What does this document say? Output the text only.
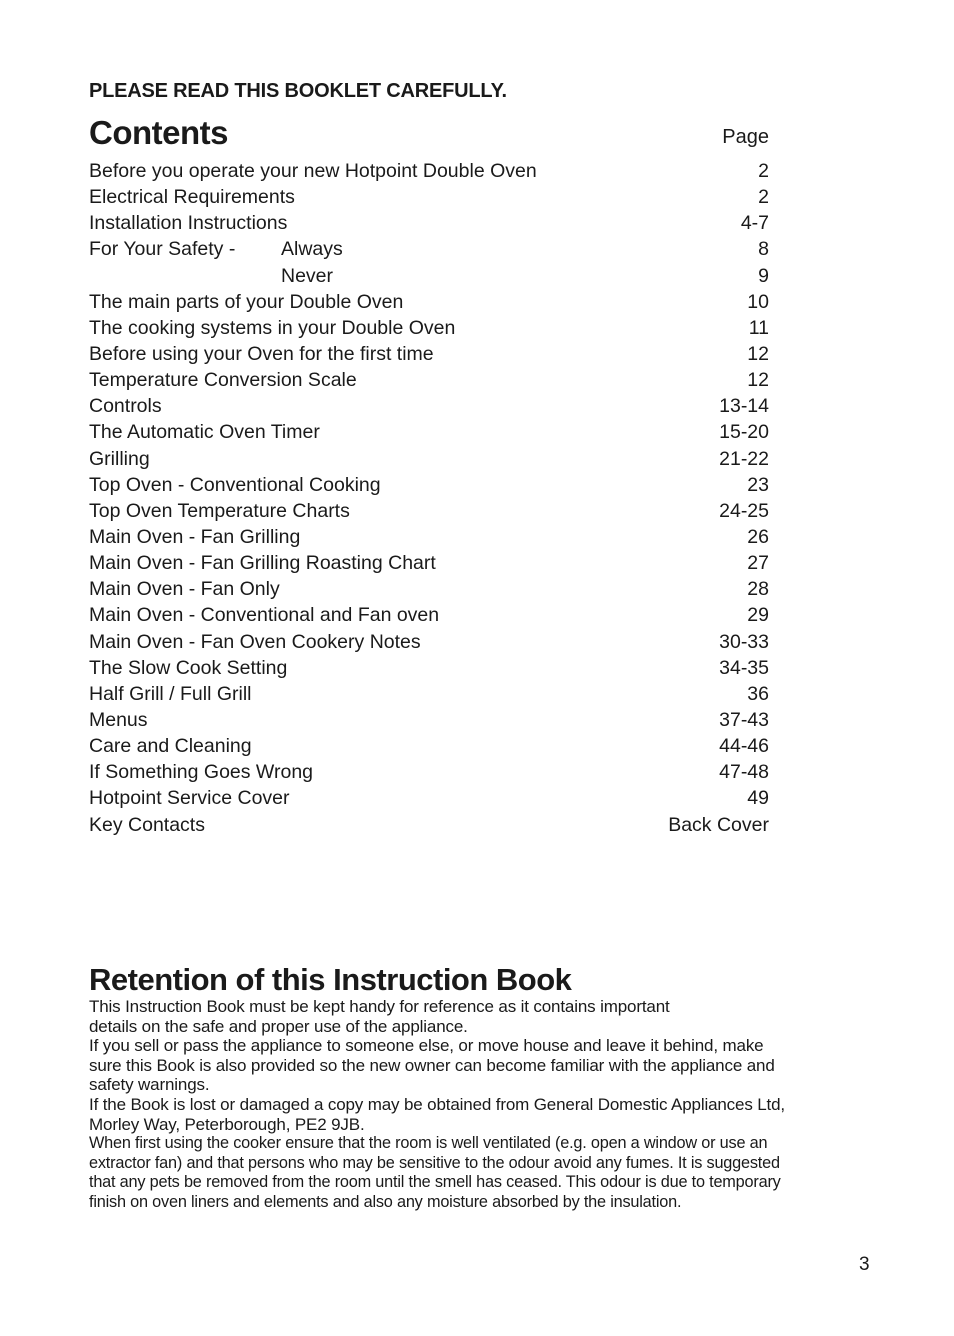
PLEASE READ THIS BOOKLET CAREFULLY.
Contents	Page
Before you operate your new Hotpoint Double Oven	2
Electrical Requirements	2
Installation Instructions	4-7
For Your Safety - Always	8
Never	9
The main parts of your Double Oven	10
The cooking systems in your Double Oven	11
Before using your Oven for the first time	12
Temperature Conversion Scale	12
Controls	13-14
The Automatic Oven Timer	15-20
Grilling	21-22
Top Oven - Conventional Cooking	23
Top Oven Temperature Charts	24-25
Main Oven - Fan Grilling	26
Main Oven - Fan Grilling Roasting Chart	27
Main Oven - Fan Only	28
Main Oven - Conventional and Fan oven	29
Main Oven - Fan Oven Cookery Notes	30-33
The Slow Cook Setting	34-35
Half Grill / Full Grill	36
Menus	37-43
Care and Cleaning	44-46
If Something Goes Wrong	47-48
Hotpoint Service Cover	49
Key Contacts	Back Cover
Retention of this Instruction Book
This Instruction Book must be kept handy for reference as it contains important
details on the safe and proper use of the appliance.
If you sell or pass the appliance to someone else, or move house and leave it behind, make
sure this Book is also provided so the new owner can become familiar with the appliance and
safety warnings.
If the Book is lost or damaged a copy may be obtained from General Domestic Appliances Ltd,
Morley Way, Peterborough, PE2 9JB.
When first using the cooker ensure that the room is well ventilated (e.g. open a window or use an
extractor fan) and that persons who may be sensitive to the odour avoid any fumes. It is suggested
that any pets be removed from the room until the smell has ceased. This odour is due to temporary
finish on oven liners and elements and also any moisture absorbed by the insulation.
3
